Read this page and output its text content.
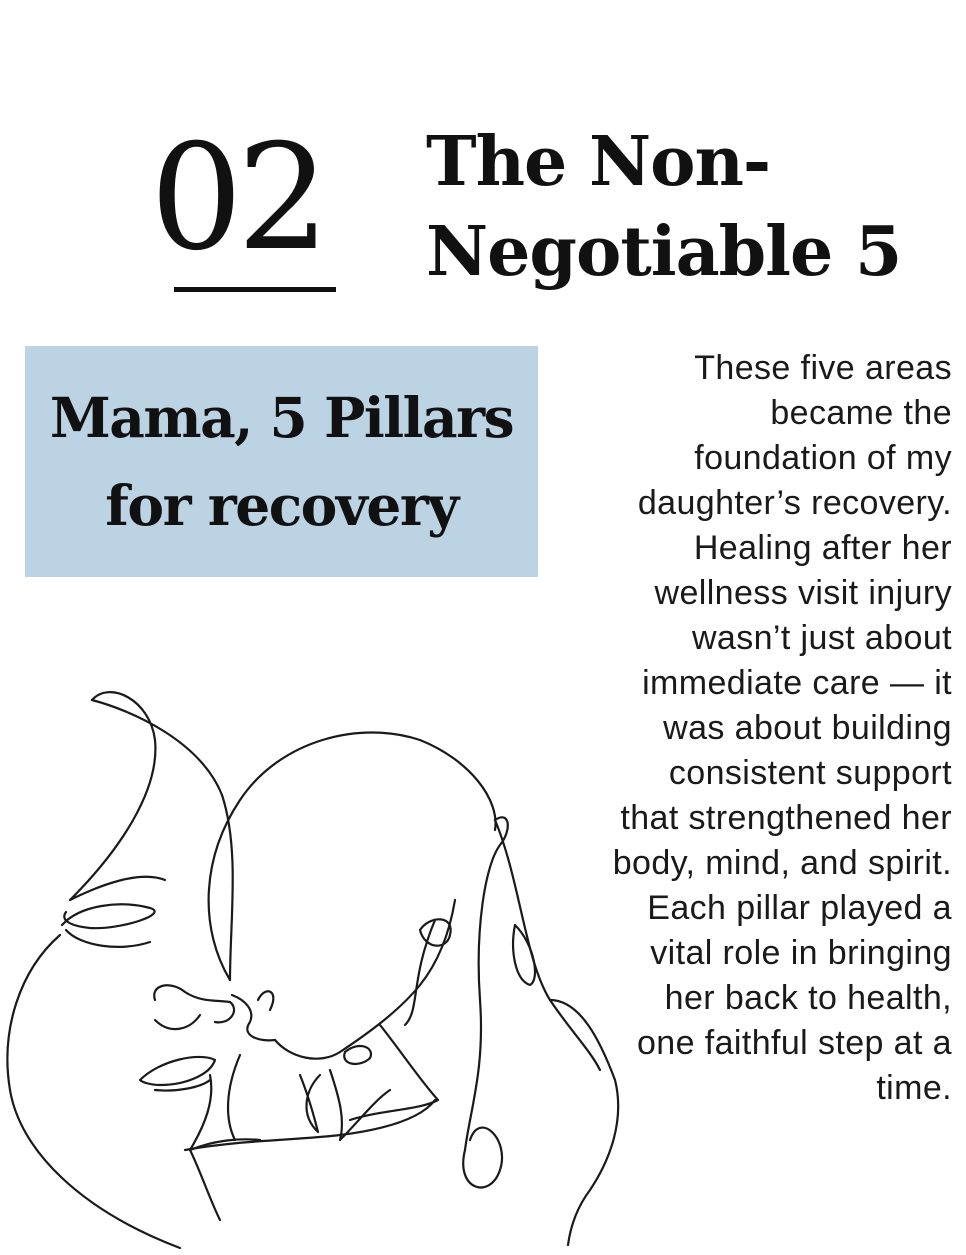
02	The Non-Negotiable 5
Mama, 5 Pillars for recovery

These five areas became the foundation of my daughter’s recovery. Healing after her wellness visit injury wasn’t just about immediate care — it was about building consistent support that strengthened her body, mind, and spirit. Each pillar played a vital role in bringing her back to health, one faithful step at a time.
